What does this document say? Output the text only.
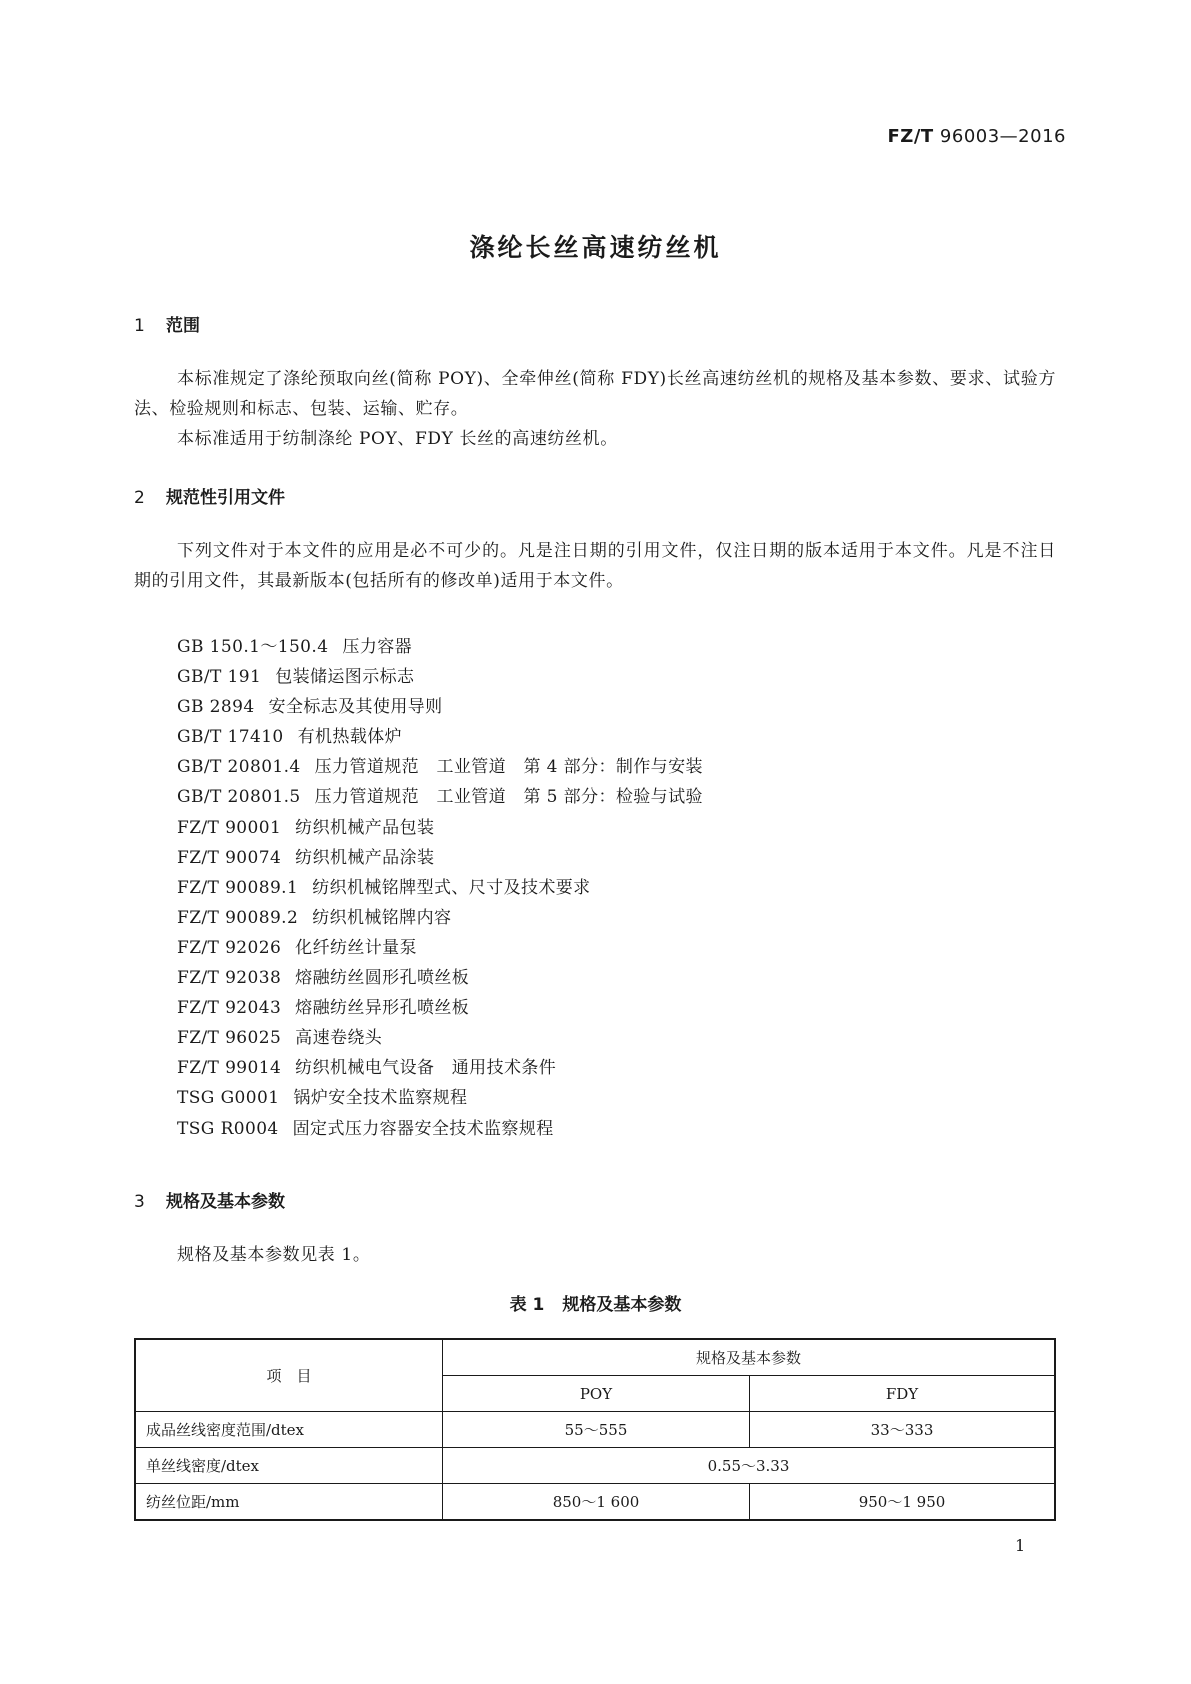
FZ/T 96003—2016
涤纶长丝高速纺丝机
1 范围
本标准规定了涤纶预取向丝(简称 POY)、全牵伸丝(简称 FDY)长丝高速纺丝机的规格及基本参数、要求、试验方法、检验规则和标志、包装、运输、贮存。
本标准适用于纺制涤纶 POY、FDY 长丝的高速纺丝机。
2 规范性引用文件
下列文件对于本文件的应用是必不可少的。凡是注日期的引用文件，仅注日期的版本适用于本文件。凡是不注日期的引用文件，其最新版本(包括所有的修改单)适用于本文件。
GB 150.1～150.4 压力容器
GB/T 191 包装储运图示标志
GB 2894 安全标志及其使用导则
GB/T 17410 有机热载体炉
GB/T 20801.4 压力管道规范　工业管道　第 4 部分：制作与安装
GB/T 20801.5 压力管道规范　工业管道　第 5 部分：检验与试验
FZ/T 90001 纺织机械产品包装
FZ/T 90074 纺织机械产品涂装
FZ/T 90089.1 纺织机械铭牌型式、尺寸及技术要求
FZ/T 90089.2 纺织机械铭牌内容
FZ/T 92026 化纤纺丝计量泵
FZ/T 92038 熔融纺丝圆形孔喷丝板
FZ/T 92043 熔融纺丝异形孔喷丝板
FZ/T 96025 高速卷绕头
FZ/T 99014 纺织机械电气设备　通用技术条件
TSG G0001 锅炉安全技术监察规程
TSG R0004 固定式压力容器安全技术监察规程
3 规格及基本参数
规格及基本参数见表 1。
表 1 规格及基本参数
项　目	规格及基本参数	
	POY	FDY
成品丝线密度范围/dtex	55～555	33～333
单丝线密度/dtex	0.55～3.33	
纺丝位距/mm	850～1 600	950～1 950
1
